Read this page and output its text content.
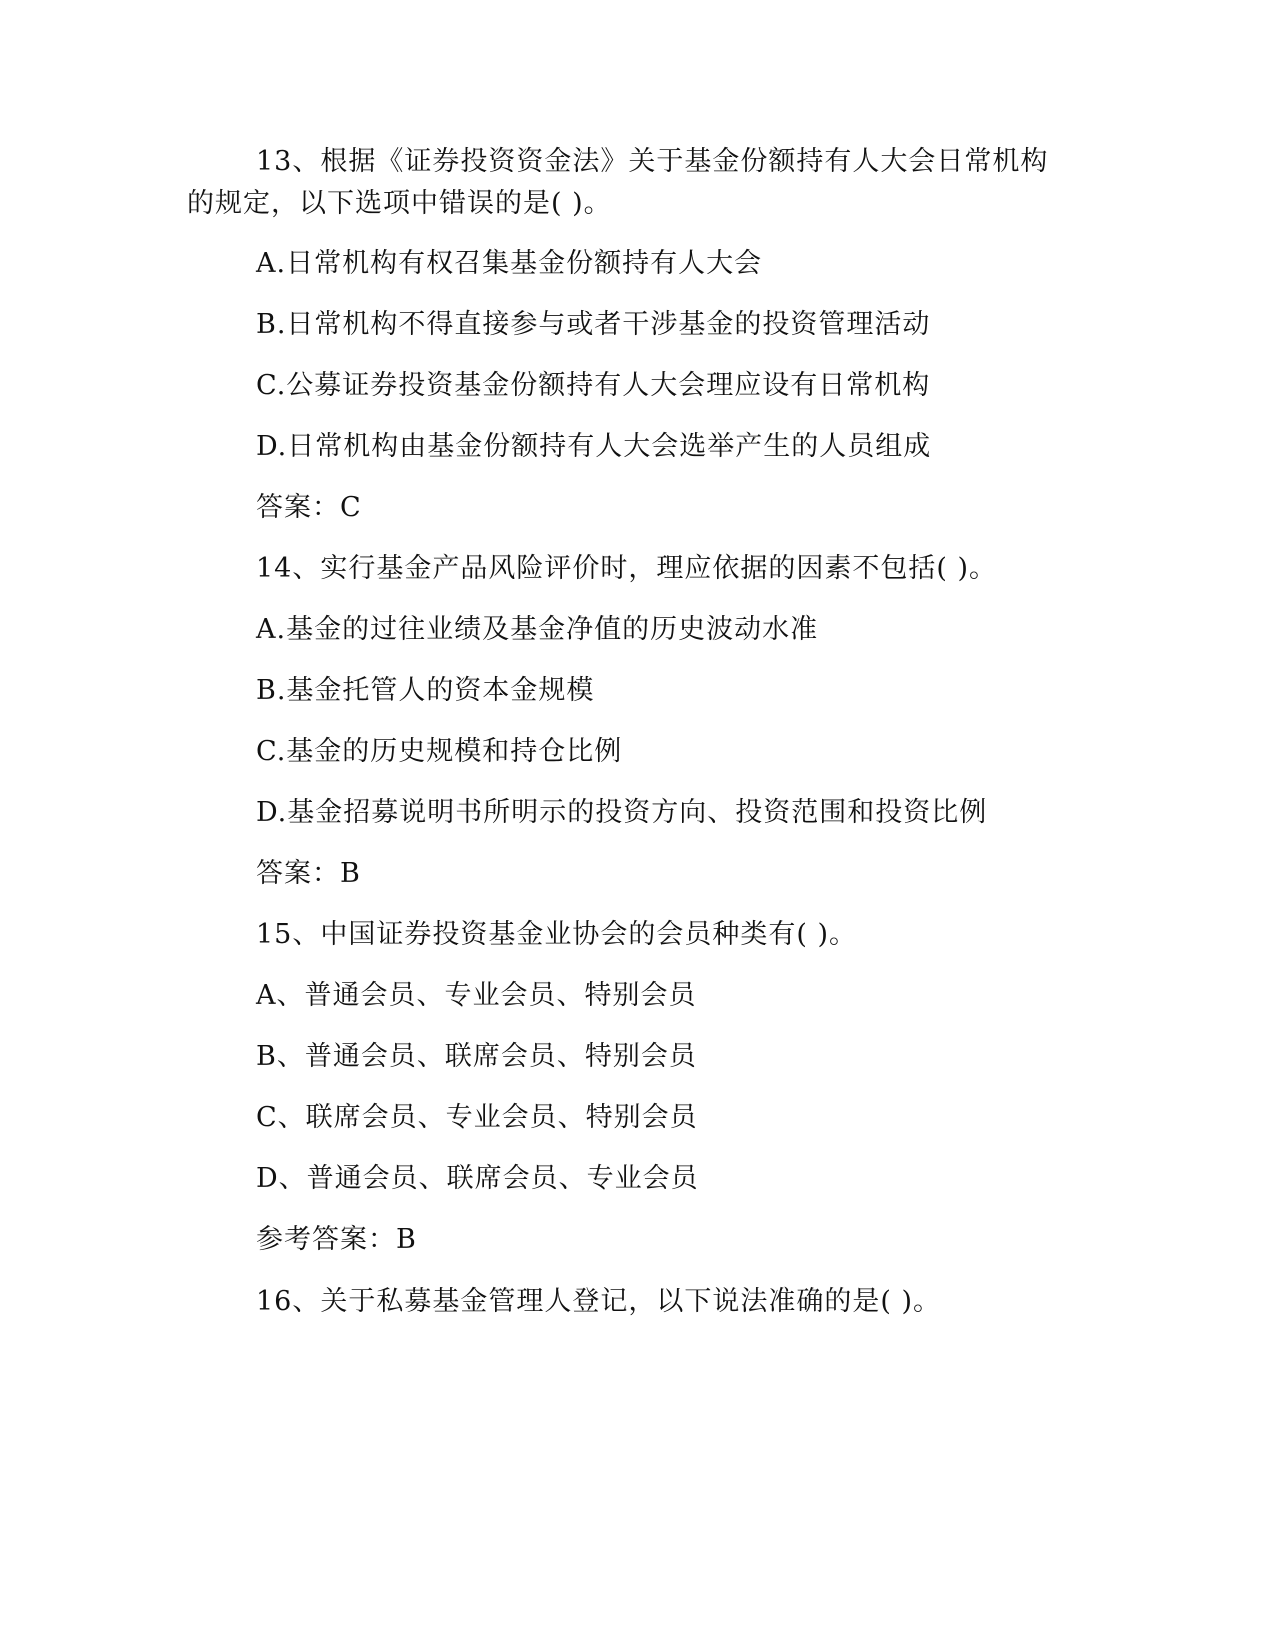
13、根据《证券投资资金法》关于基金份额持有人大会日常机构
的规定，以下选项中错误的是( )。
A.日常机构有权召集基金份额持有人大会
B.日常机构不得直接参与或者干涉基金的投资管理活动
C.公募证券投资基金份额持有人大会理应设有日常机构
D.日常机构由基金份额持有人大会选举产生的人员组成
答案：C
14、实行基金产品风险评价时，理应依据的因素不包括( )。
A.基金的过往业绩及基金净值的历史波动水准
B.基金托管人的资本金规模
C.基金的历史规模和持仓比例
D.基金招募说明书所明示的投资方向、投资范围和投资比例
答案：B
15、中国证券投资基金业协会的会员种类有( )。
A、普通会员、专业会员、特别会员
B、普通会员、联席会员、特别会员
C、联席会员、专业会员、特别会员
D、普通会员、联席会员、专业会员
参考答案：B
16、关于私募基金管理人登记，以下说法准确的是( )。
